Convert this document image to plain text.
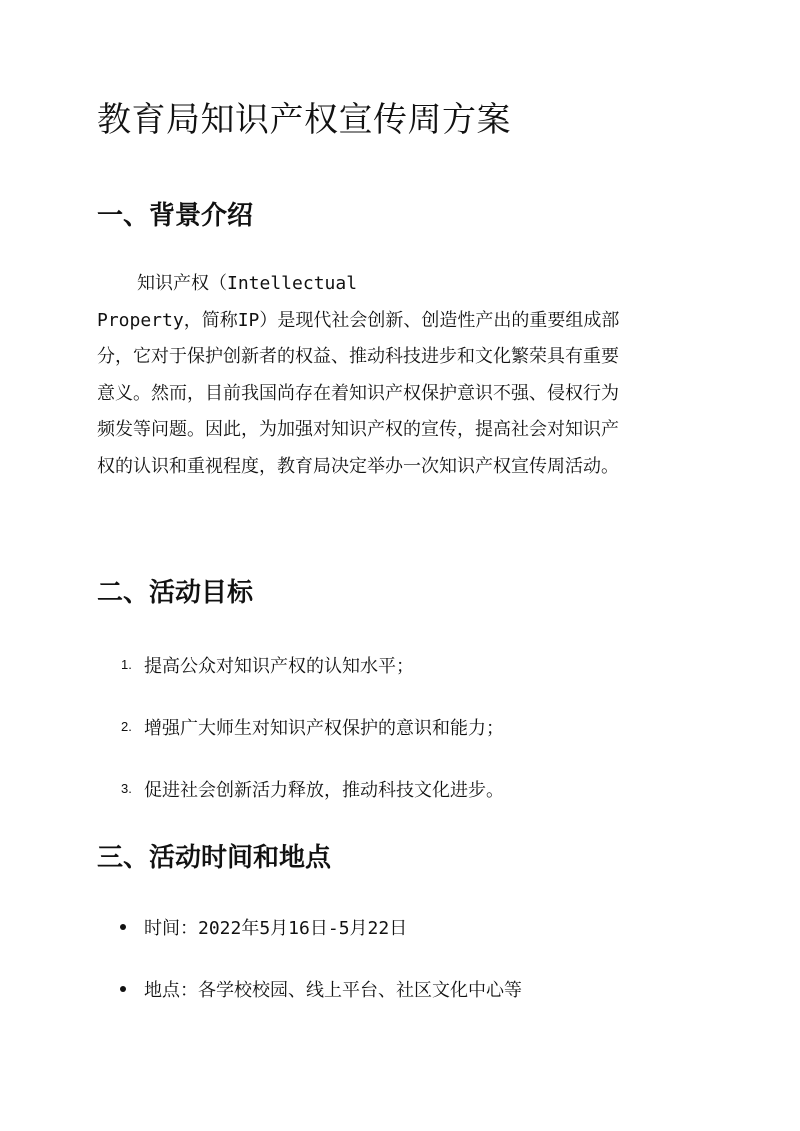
教育局知识产权宣传周方案
一、背景介绍

知识产权（Intellectual
Property，简称IP）是现代社会创新、创造性产出的重要组成部
分，它对于保护创新者的权益、推动科技进步和文化繁荣具有重要
意义。然而，目前我国尚存在着知识产权保护意识不强、侵权行为
频发等问题。因此，为加强对知识产权的宣传，提高社会对知识产
权的认识和重视程度，教育局决定举办一次知识产权宣传周活动。

二、活动目标
1. 提高公众对知识产权的认知水平；
2. 增强广大师生对知识产权保护的意识和能力；
3. 促进社会创新活力释放，推动科技文化进步。
三、活动时间和地点
时间：2022年5月16日-5月22日
地点：各学校校园、线上平台、社区文化中心等
